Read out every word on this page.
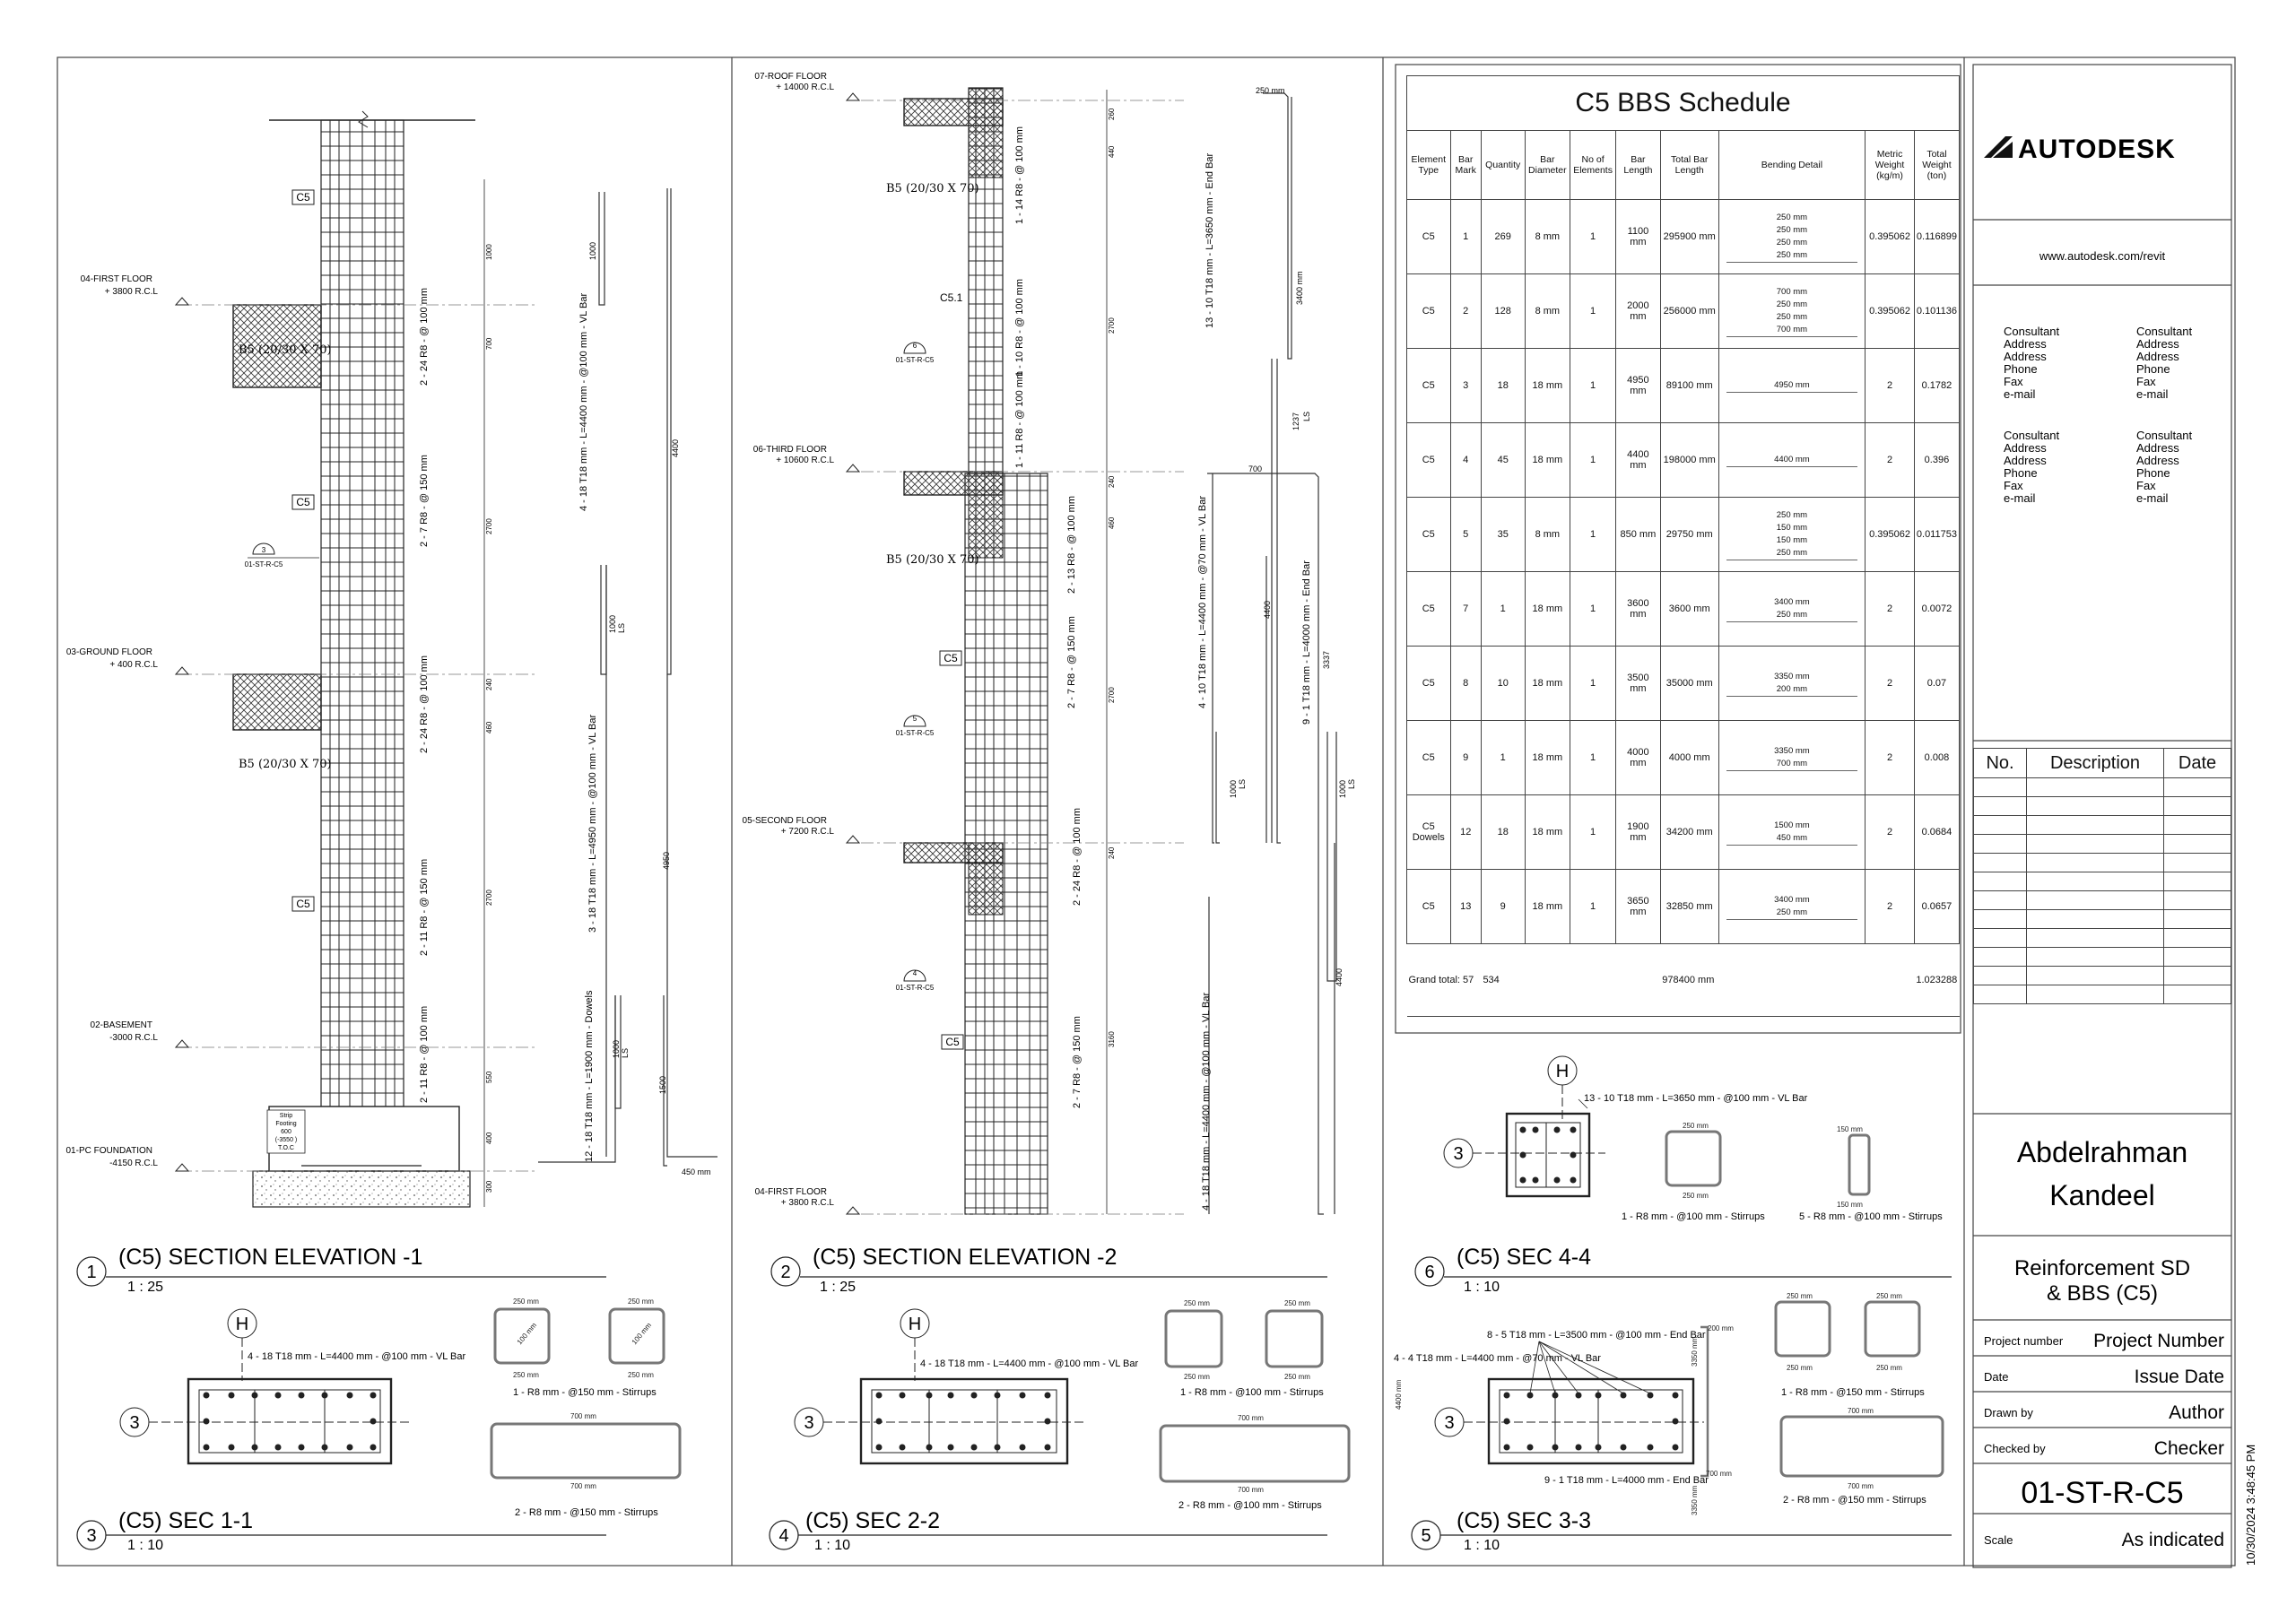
04-FIRST FLOOR
+ 3800 R.C.L
03-GROUND FLOOR
+ 400 R.C.L
02-BASEMENT
-3000 R.C.L
01-PC FOUNDATION
-4150 R.C.L
C5
C5
C5
B5 (20/30 X 70)
B5 (20/30 X 70)
3
01-ST-R-C5
Strip
Footing
600
(-3550 )
T.O.C
2 - 24 R8 - @ 100 mm
2 - 7 R8 - @ 150 mm
2 - 24 R8 - @ 100 mm
2 - 11 R8 - @ 150 mm
2 - 11 R8 - @ 100 mm
1000
700
2700
240
460
2700
550
400
300
1000
4400
1000 LS
4950
1000 LS
1500
450 mm
4 - 18 T18 mm - L=4400 mm - @100 mm - VL Bar
3 - 18 T18 mm - L=4950 mm - @100 mm - VL Bar
12 - 18 T18 mm - L=1900 mm - Dowels
07-ROOF FLOOR
+ 14000 R.C.L
06-THIRD FLOOR
+ 10600 R.C.L
05-SECOND FLOOR
+ 7200 R.C.L
04-FIRST FLOOR
+ 3800 R.C.L
B5 (20/30 X 70)
B5 (20/30 X 70)
C5.1
C5
C5
6
01-ST-R-C5
5
01-ST-R-C5
4
01-ST-R-C5
1 - 14 R8 - @ 100 mm
1 - 10 R8 - @ 100 mm
1 - 11 R8 - @ 100 mm
2 - 13 R8 - @ 100 mm
2 - 7 R8 - @ 150 mm
2 - 24 R8 - @ 100 mm
2 - 7 R8 - @ 150 mm
260
440
2700
240
460
2700
240
3160
250 mm
3400 mm
1237 LS
700
4400
3337
1000 LS	1000 LS
4400
13 - 10 T18 mm - L=3650 mm - End Bar
4 - 10 T18 mm - L=4400 mm - @70 mm - VL Bar	9 - 1 T18 mm - L=4000 mm - End Bar
4 - 18 T18 mm - L=4400 mm - @100 mm - VL Bar
1	2
3	4	5
6
(C5) SECTION ELEVATION -1	(C5) SECTION ELEVATION -2
(C5) SEC 1-1	(C5) SEC 2-2	(C5) SEC 3-3
(C5) SEC 4-4
1 : 25	1 : 25
1 : 10	1 : 10	1 : 10
1 : 10
H
3
H
3	3
H
3
4 - 18 T18 mm - L=4400 mm - @100 mm - VL Bar
1 - R8 mm - @150 mm - Stirrups
2 - R8 mm - @150 mm - Stirrups
4 - 18 T18 mm - L=4400 mm - @100 mm - VL Bar
1 - R8 mm - @100 mm - Stirrups
2 - R8 mm - @100 mm - Stirrups
8 - 5 T18 mm - L=3500 mm - @100 mm - End Bar
4 - 4 T18 mm - L=4400 mm - @70 mm - VL Bar
9 - 1 T18 mm - L=4000 mm - End Bar
1 - R8 mm - @150 mm - Stirrups
2 - R8 mm - @150 mm - Stirrups
13 - 10 T18 mm - L=3650 mm - @100 mm - VL Bar
1 - R8 mm - @100 mm - Stirrups	5 - R8 mm - @100 mm - Stirrups
250 mm	250 mm
250 mm	250 mm
700 mm
700 mm
100 mm	100 mm
250 mm	250 mm
250 mm	250 mm
700 mm
700 mm
250 mm	250 mm
250 mm	250 mm
700 mm
700 mm
200 mm
3350 mm
4400 mm
700 mm
3350 mm
250 mm
250 mm
150 mm
150 mm
AUTODESK
www.autodesk.com/revit
Consultant
Address
Address
Phone
Fax
e-mail
Consultant
Address
Address
Phone
Fax
e-mail
Consultant
Address
Address
Phone
Fax
e-mail
Consultant
Address
Address
Phone
Fax
e-mail
Abdelrahman Kandeel
Reinforcement SD & BBS (C5)
Project number
Date
Drawn by
Checked by
Scale
Project Number
Issue Date
Author
Checker
As indicated
01-ST-R-C5	10/30/2024 3:48:45 PM
C5 BBS Schedule									
Element Type	Bar Mark	Quantity	Bar Diameter	No of Elements	Bar Length	Total Bar Length	Bending Detail	Metric Weight (kg/m)	Total Weight (ton)
C5	1	269	8 mm	1	1100 mm	295900 mm	250 mm
250 mm
250 mm
250 mm	0.395062	0.116899
C5	2	128	8 mm	1	2000 mm	256000 mm	700 mm
250 mm
250 mm
700 mm	0.395062	0.101136
C5	3	18	18 mm	1	4950 mm	89100 mm	4950 mm	2	0.1782
C5	4	45	18 mm	1	4400 mm	198000 mm	4400 mm	2	0.396
C5	5	35	8 mm	1	850 mm	29750 mm	250 mm
150 mm
150 mm
250 mm	0.395062	0.011753
C5	7	1	18 mm	1	3600 mm	3600 mm	3400 mm
250 mm	2	0.0072
C5	8	10	18 mm	1	3500 mm	35000 mm	3350 mm
200 mm	2	0.07
C5	9	1	18 mm	1	4000 mm	4000 mm	3350 mm
700 mm	2	0.008
C5 Dowels	12	18	18 mm	1	1900 mm	34200 mm	1500 mm
450 mm	2	0.0684
C5	13	9	18 mm	1	3650 mm	32850 mm	3400 mm
250 mm	2	0.0657
Grand total: 57		534				978400 mm			1.023288
No.	Description	Date
